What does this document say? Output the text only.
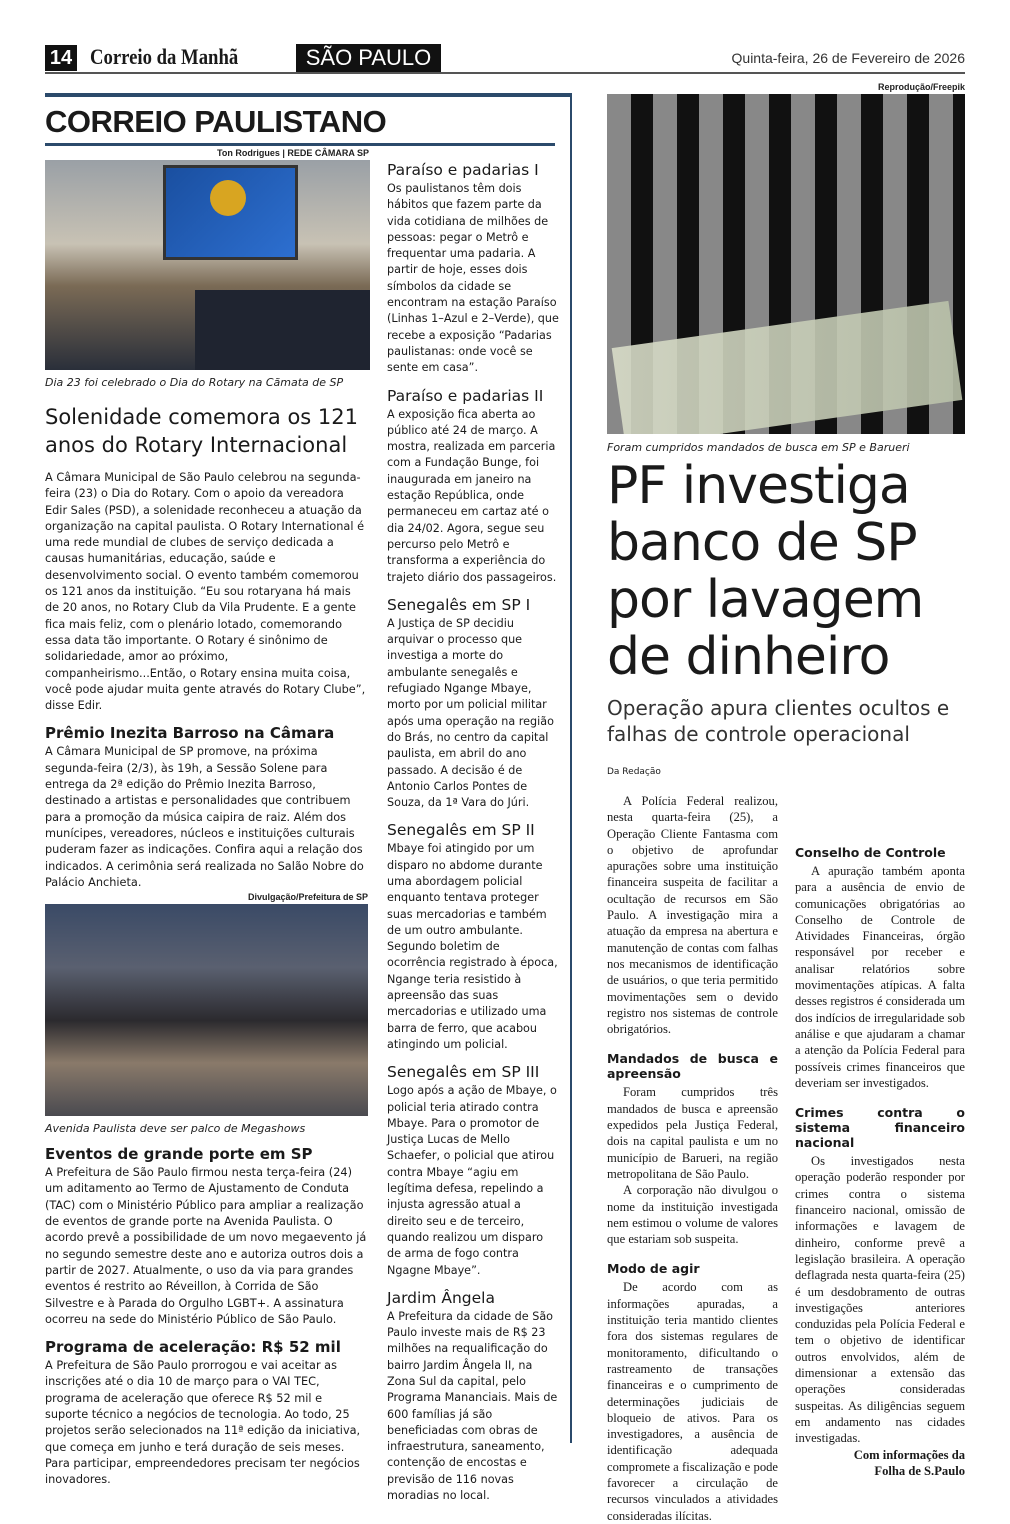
14 Correio da Manhã	SÃO PAULO	Quinta-feira, 26 de Fevereiro de 2026
CORREIO PAULISTANO
Ton Rodrigues | REDE CÂMARA SP
Dia 23 foi celebrado o Dia do Rotary na Cãmata de SP
Solenidade comemora os 121 anos do Rotary Internacional

A Câmara Municipal de São Paulo celebrou na segunda-feira (23) o Dia do Rotary. Com o apoio da vereadora Edir Sales (PSD), a solenidade reconheceu a atuação da organização na capital paulista. O Rotary International é uma rede mundial de clubes de serviço dedicada a causas humanitárias, educação, saúde e desenvolvimento social. O evento também comemorou os 121 anos da instituição. “Eu sou rotaryana há mais de 20 anos, no Rotary Club da Vila Prudente. E a gente fica mais feliz, com o plenário lotado, comemorando essa data tão importante. O Rotary é sinônimo de solidariedade, amor ao próximo, companheirismo...Então, o Rotary ensina muita coisa, você pode ajudar muita gente através do Rotary Clube”, disse Edir.

Prêmio Inezita Barroso na Câmara

A Câmara Municipal de SP promove, na próxima segunda-feira (2/3), às 19h, a Sessão Solene para entrega da 2ª edição do Prêmio Inezita Barroso, destinado a artistas e personalidades que contribuem para a promoção da música caipira de raiz. Além dos munícipes, vereadores, núcleos e instituições culturais puderam fazer as indicações. Confira aqui a relação dos indicados. A cerimônia será realizada no Salão Nobre do Palácio Anchieta.

Divulgação/Prefeitura de SP
Avenida Paulista deve ser palco de Megashows
Eventos de grande porte em SP

A Prefeitura de São Paulo firmou nesta terça-feira (24) um aditamento ao Termo de Ajustamento de Conduta (TAC) com o Ministério Público para ampliar a realização de eventos de grande porte na Avenida Paulista. O acordo prevê a possibilidade de um novo megaevento já no segundo semestre deste ano e autoriza outros dois a partir de 2027. Atualmente, o uso da via para grandes eventos é restrito ao Réveillon, à Corrida de São Silvestre e à Parada do Orgulho LGBT+. A assinatura ocorreu na sede do Ministério Público de São Paulo.

Programa de aceleração: R$ 52 mil

A Prefeitura de São Paulo prorrogou e vai aceitar as inscrições até o dia 10 de março para o VAI TEC, programa de aceleração que oferece R$ 52 mil e suporte técnico a negócios de tecnologia. Ao todo, 25 projetos serão selecionados na 11ª edição da iniciativa, que começa em junho e terá duração de seis meses. Para participar, empreendedores precisam ter negócios inovadores.

Paraíso e padarias I

Os paulistanos têm dois hábitos que fazem parte da vida cotidiana de milhões de pessoas: pegar o Metrô e frequentar uma padaria. A partir de hoje, esses dois símbolos da cidade se encontram na estação Paraíso (Linhas 1–Azul e 2–Verde), que recebe a exposição “Padarias paulistanas: onde você se sente em casa”.

Paraíso e padarias II

A exposição fica aberta ao público até 24 de março. A mostra, realizada em parceria com a Fundação Bunge, foi inaugurada em janeiro na estação República, onde permaneceu em cartaz até o dia 24/02. Agora, segue seu percurso pelo Metrô e transforma a experiência do trajeto diário dos passageiros.

Senegalês em SP I

A Justiça de SP decidiu arquivar o processo que investiga a morte do ambulante senegalês e refugiado Ngange Mbaye, morto por um policial militar após uma operação na região do Brás, no centro da capital paulista, em abril do ano passado. A decisão é de Antonio Carlos Pontes de Souza, da 1ª Vara do Júri.

Senegalês em SP II

Mbaye foi atingido por um disparo no abdome durante uma abordagem policial enquanto tentava proteger suas mercadorias e também de um outro ambulante. Segundo boletim de ocorrência registrado à época, Ngange teria resistido à apreensão das suas mercadorias e utilizado uma barra de ferro, que acabou atingindo um policial.

Senegalês em SP III

Logo após a ação de Mbaye, o policial teria atirado contra Mbaye. Para o promotor de Justiça Lucas de Mello Schaefer, o policial que atirou contra Mbaye “agiu em legítima defesa, repelindo a injusta agressão atual a direito seu e de terceiro, quando realizou um disparo de arma de fogo contra Ngagne Mbaye”.

Jardim Ângela

A Prefeitura da cidade de São Paulo investe mais de R$ 23 milhões na requalificação do bairro Jardim Ângela II, na Zona Sul da capital, pelo Programa Mananciais. Mais de 600 famílias já são beneficiadas com obras de infraestrutura, saneamento, contenção de encostas e previsão de 116 novas moradias no local.

Reprodução/Freepik
Foram cumpridos mandados de busca em SP e Barueri
PF investiga banco de SP por lavagem de dinheiro
Operação apura clientes ocultos e falhas de controle operacional
Da Redação

A Polícia Federal realizou, nesta quarta-feira (25), a Operação Cliente Fantasma com o objetivo de aprofundar apurações sobre uma instituição financeira suspeita de facilitar a ocultação de recursos em São Paulo. A investigação mira a atuação da empresa na abertura e manutenção de contas com falhas nos mecanismos de identificação de usuários, o que teria permitido movimentações sem o devido registro nos sistemas de controle obrigatórios.

Mandados de busca e apreensão

Foram cumpridos três mandados de busca e apreensão expedidos pela Justiça Federal, dois na capital paulista e um no município de Barueri, na região metropolitana de São Paulo.

A corporação não divulgou o nome da instituição investigada nem estimou o volume de valores que estariam sob suspeita.

Modo de agir

De acordo com as informações apuradas, a instituição teria mantido clientes fora dos sistemas regulares de monitoramento, dificultando o rastreamento de transações financeiras e o cumprimento de determinações judiciais de bloqueio de ativos. Para os investigadores, a ausência de identificação adequada compromete a fiscalização e pode favorecer a circulação de recursos vinculados a atividades consideradas ilícitas.

Conselho de Controle

A apuração também aponta para a ausência de envio de comunicações obrigatórias ao Conselho de Controle de Atividades Financeiras, órgão responsável por receber e analisar relatórios sobre movimentações atípicas. A falta desses registros é considerada um dos indícios de irregularidade sob análise e que ajudaram a chamar a atenção da Polícia Federal para possíveis crimes financeiros que deveriam ser investigados.

Crimes contra o sistema financeiro nacional

Os investigados nesta operação poderão responder por crimes contra o sistema financeiro nacional, omissão de informações e lavagem de dinheiro, conforme prevê a legislação brasileira. A operação deflagrada nesta quarta-feira (25) é um desdobramento de outras investigações anteriores conduzidas pela Polícia Federal e tem o objetivo de identificar outros envolvidos, além de dimensionar a extensão das operações consideradas suspeitas. As diligências seguem em andamento nas cidades investigadas.

Com informações da Folha de S.Paulo
